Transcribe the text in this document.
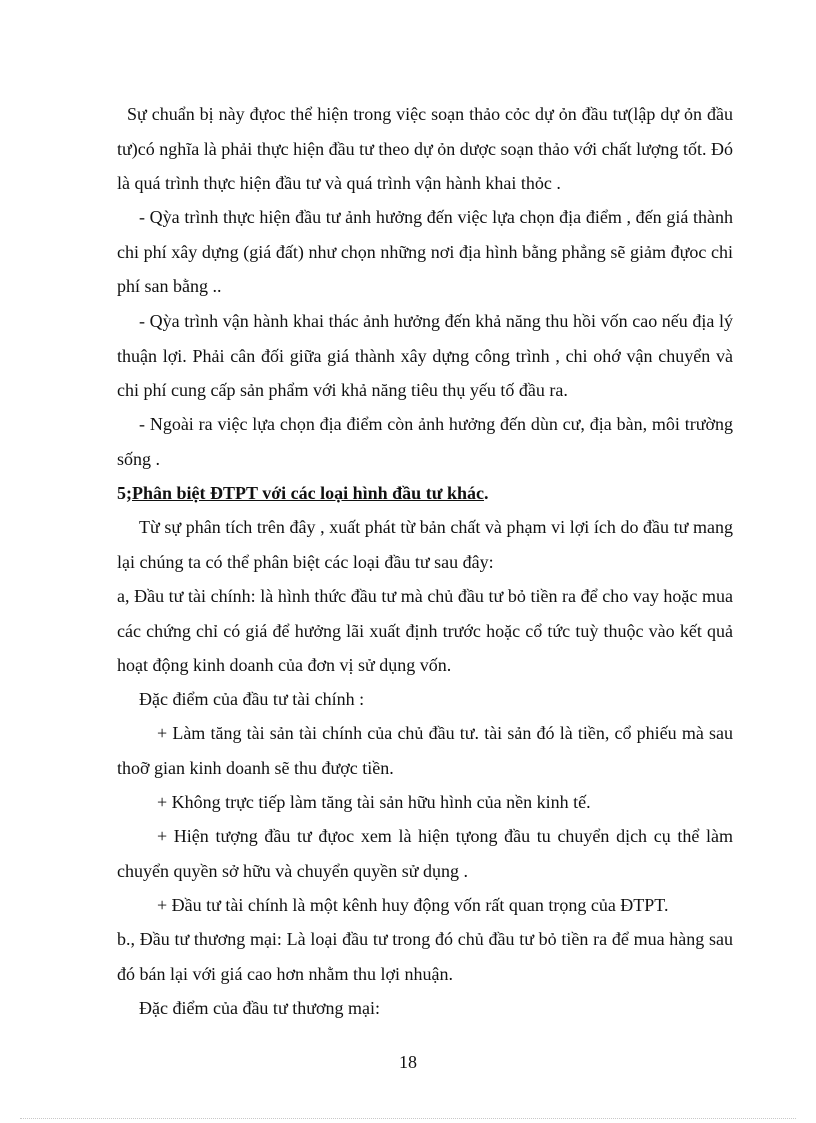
Sự chuẩn bị này đựoc thể hiện trong việc soạn thảo cỏc dự ỏn đầu tư(lập dự ỏn đầu tư)có nghĩa là phải thực hiện đầu tư theo dự ỏn dược soạn thảo với chất lượng tốt. Đó là quá trình thực hiện đầu tư và quá trình vận hành khai thỏc .

- Qỳa trình thực hiện đầu tư ảnh hưởng đến việc lựa chọn địa điểm , đến giá thành chi phí xây dựng (giá đất) như chọn những nơi địa hình bằng phẳng sẽ giảm đựoc chi phí san bằng ..

- Qỳa trình vận hành khai thác ảnh hưởng đến khả năng thu hồi vốn cao nếu địa lý thuận lợi. Phải cân đối giữa giá thành xây dựng công trình , chi ohớ vận chuyển và chi phí cung cấp sản phẩm với khả năng tiêu thụ yếu tố đầu ra.

- Ngoài ra việc lựa chọn địa điểm còn ảnh hưởng đến dùn cư, địa bàn, môi trường sống .

5;Phân biệt ĐTPT với các loại hình đầu tư khác.

Từ sự phân tích trên đây , xuất phát từ bản chất và phạm vi lợi ích do đầu tư mang lại chúng ta có thể phân biệt các loại đầu tư sau đây:

a, Đầu tư tài chính: là hình thức đầu tư mà chủ đầu tư bỏ tiền ra để cho vay hoặc mua các chứng chỉ có giá để hưởng lãi xuất định trước hoặc cổ tức tuỳ thuộc vào kết quả hoạt động kinh doanh của đơn vị sử dụng vốn.

Đặc điểm của đầu tư tài chính :

+ Làm tăng tài sản tài chính của chủ đầu tư. tài sản đó là tiền, cổ phiếu mà sau thoỡ gian kinh doanh sẽ thu được tiền.

+ Không trực tiếp làm tăng tài sản hữu hình của nền kinh tế.

+ Hiện tượng đầu tư đựoc xem là hiện tựong đầu tu chuyển dịch cụ thể làm chuyển quyền sở hữu và chuyển quyền sử dụng .

+ Đầu tư tài chính là một kênh huy động vốn rất quan trọng của ĐTPT.

b., Đầu tư thương mại: Là loại đầu tư trong đó chủ đầu tư bỏ tiền ra để mua hàng sau đó bán lại với giá cao hơn nhằm thu lợi nhuận.

Đặc điểm của đầu tư thương mại:

18
